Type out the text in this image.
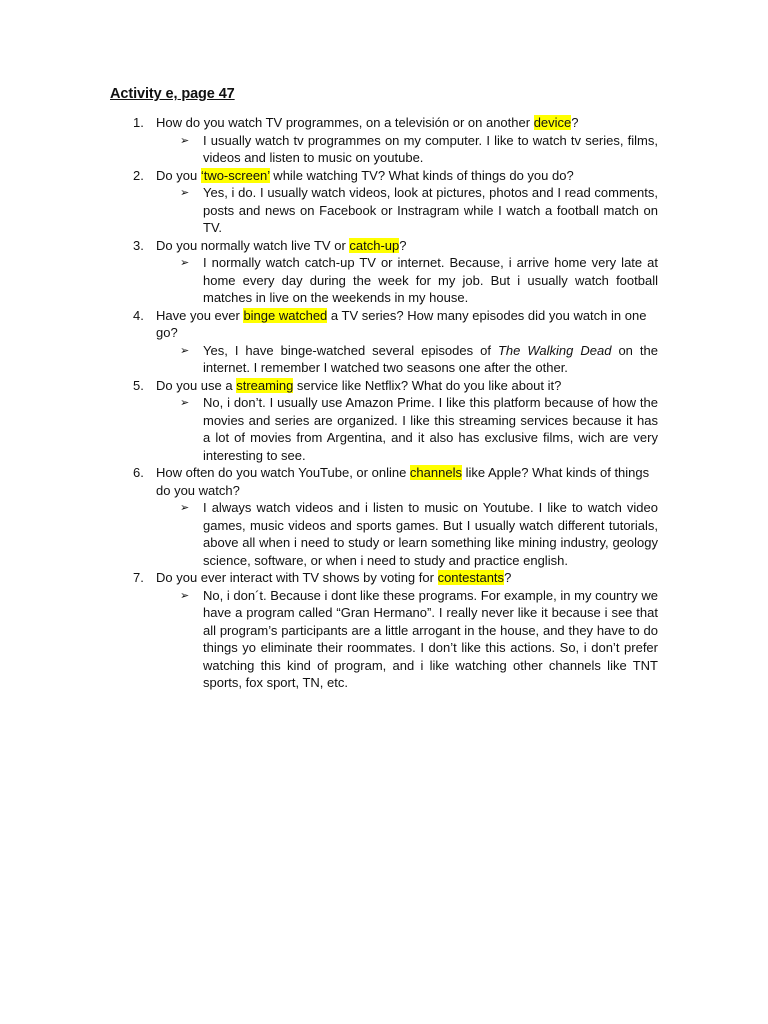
Activity e, page 47
1. How do you watch TV programmes, on a televisión or on another device?
➢	I usually watch tv programmes on my computer. I like to watch tv series, films, videos and listen to music on youtube.
2. Do you ‘two-screen’ while watching TV? What kinds of things do you do?
➢	Yes, i do. I usually watch videos, look at pictures, photos and I read comments, posts and news on Facebook or Instragram while I watch a football match on TV.
3. Do you normally watch live TV or catch-up?
➢	I normally watch catch-up TV or internet. Because, i arrive home very late at home every day during the week for my job. But i usually watch football matches in live on the weekends in my house.
4. Have you ever binge watched a TV series? How many episodes did you watch in one go?
➢	Yes, I have binge-watched several episodes of The Walking Dead on the internet. I remember I watched two seasons one after the other.
5. Do you use a streaming service like Netflix? What do you like about it?
➢	No, i don’t. I usually use Amazon Prime. I like this platform because of how the movies and series are organized. I like this streaming services because it has a lot of movies from Argentina, and it also has exclusive films, wich are very interesting to see.
6. How often do you watch YouTube, or online channels like Apple? What kinds of things do you watch?
➢	I always watch videos and i listen to music on Youtube. I like to watch video games, music videos and sports games. But I usually watch different tutorials, above all when i need to study or learn something like mining industry, geology science, software, or when i need to study and practice english.
7. Do you ever interact with TV shows by voting for contestants?
➢	No, i don´t. Because i dont like these programs. For example, in my country we have a program called “Gran Hermano”. I really never like it because i see that all program’s participants are a little arrogant in the house, and they have to do things yo eliminate their roommates. I don’t like this actions. So, i don’t prefer watching this kind of program, and i like watching other channels like TNT sports, fox sport, TN, etc.
